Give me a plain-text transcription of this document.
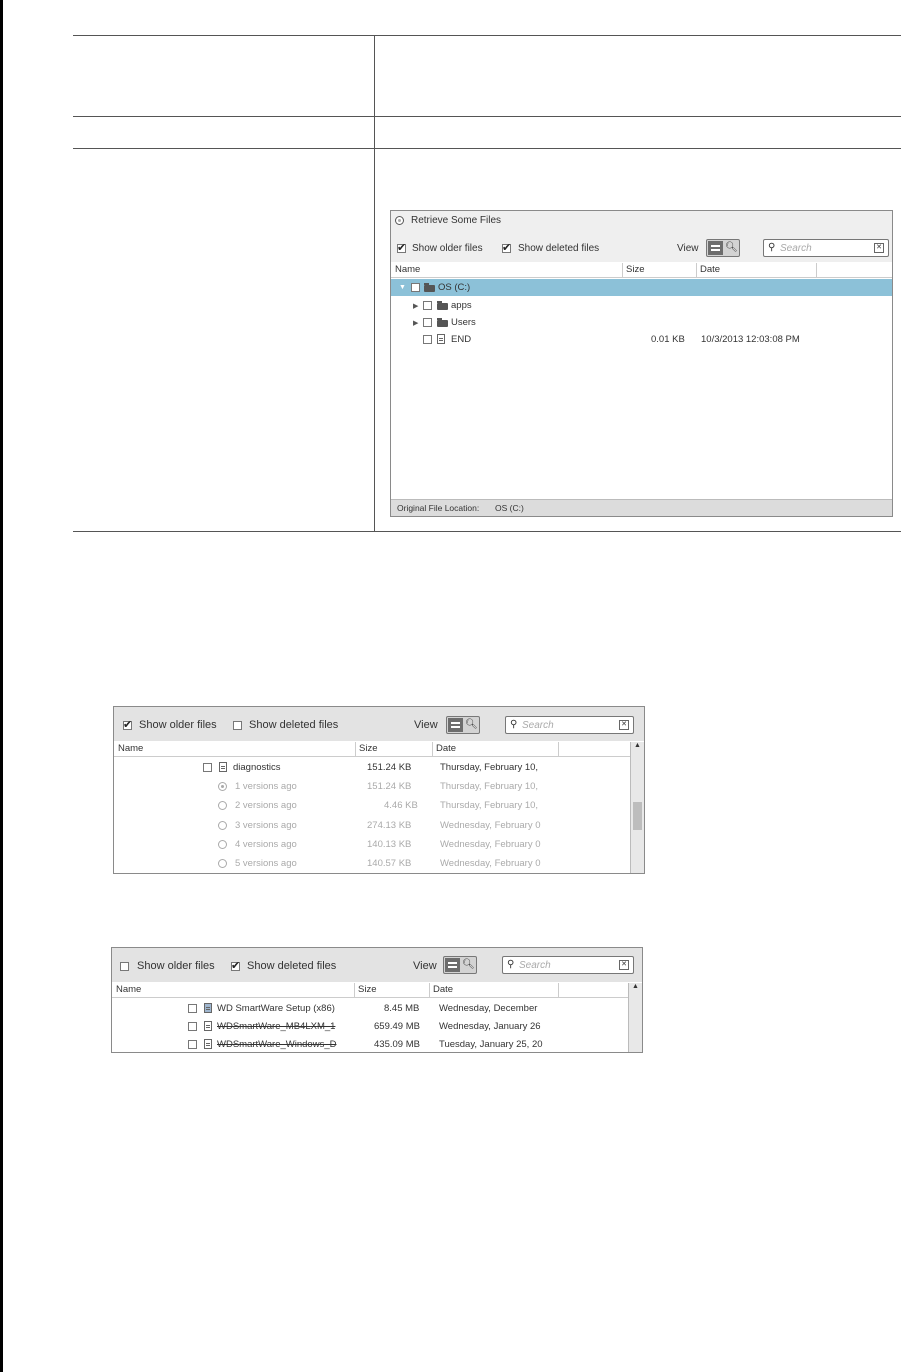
Retrieve Some Files
✔
Show older files ✔	Show deleted files	View	🔍︎	⚲ Search	✕
Name	Size	Date
▼	OS (C:)
▶	apps
▶	Users
END	0.01 KB 10/3/2013 12:03:08 PM
Original File Location: OS (C:)
✔
Show older files	Show deleted files	View	🔍︎	⚲ Search	✕
Name	Size	Date
diagnostics	151.24 KB	Thursday, February 10,
1 versions ago	151.24 KB	Thursday, February 10,
2 versions ago	4.46 KB Thursday, February 10,
3 versions ago	274.13 KB	Wednesday, February 0
4 versions ago	140.13 KB	Wednesday, February 0
5 versions ago	140.57 KB	Wednesday, February 0
▲
Show older files ✔	Show deleted files	View	🔍︎	⚲ Search	✕
Name	Size	Date
WD SmartWare Setup (x86)	8.45 MB Wednesday, December
WDSmartWare_MB4LXM_1	659.49 MB Wednesday, January 26
WDSmartWare_Windows_D	435.09 MB Tuesday, January 25, 20
▲
